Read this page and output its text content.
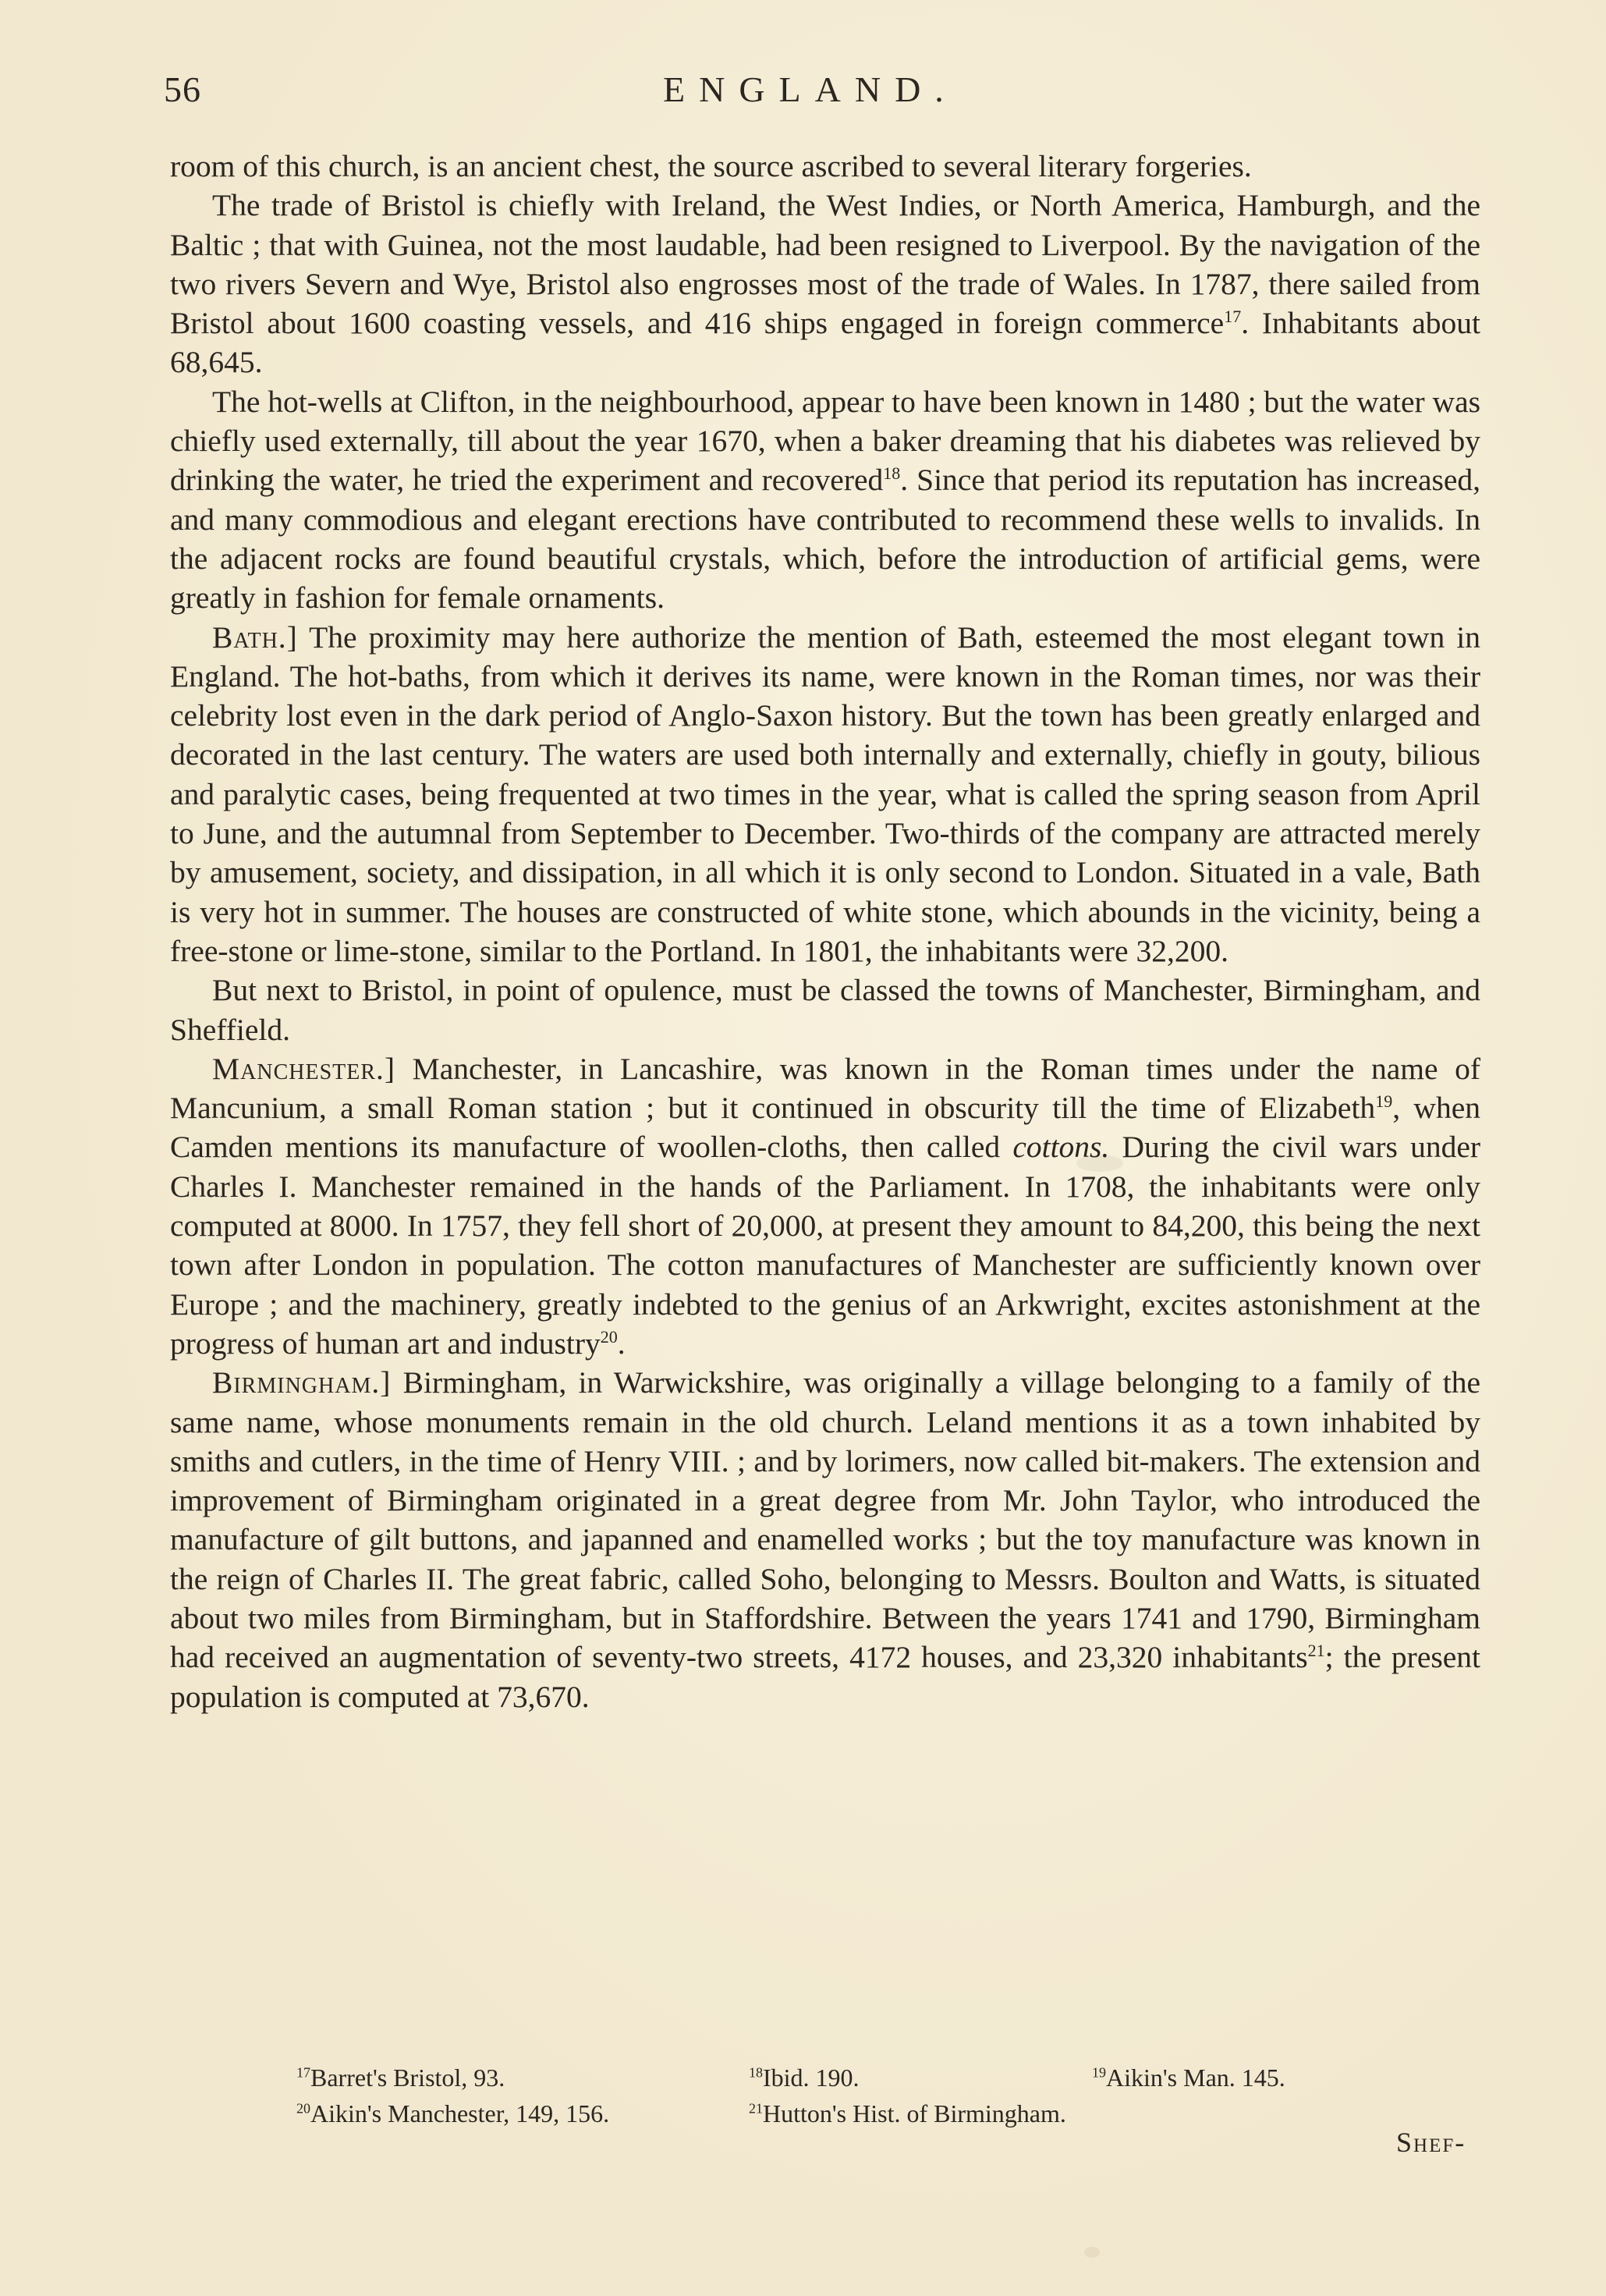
56	ENGLAND.

room of this church, is an ancient chest, the source ascribed to several literary forgeries.

The trade of Bristol is chiefly with Ireland, the West Indies, or North America, Hamburgh, and the Baltic ; that with Guinea, not the most laudable, had been resigned to Liverpool. By the navigation of the two rivers Severn and Wye, Bristol also engrosses most of the trade of Wales. In 1787, there sailed from Bristol about 1600 coasting vessels, and 416 ships engaged in foreign commerce$^{17}$. Inhabitants about 68,645.

The hot-wells at Clifton, in the neighbourhood, appear to have been known in 1480 ; but the water was chiefly used externally, till about the year 1670, when a baker dreaming that his diabetes was relieved by drinking the water, he tried the experiment and recovered$^{18}$. Since that period its reputation has increased, and many commodious and elegant erections have contributed to recommend these wells to invalids. In the adjacent rocks are found beautiful crystals, which, before the introduction of artificial gems, were greatly in fashion for female ornaments.

Bath.] The proximity may here authorize the mention of Bath, esteemed the most elegant town in England. The hot-baths, from which it derives its name, were known in the Roman times, nor was their celebrity lost even in the dark period of Anglo-Saxon history. But the town has been greatly enlarged and decorated in the last century. The waters are used both internally and externally, chiefly in gouty, bilious and paralytic cases, being frequented at two times in the year, what is called the spring season from April to June, and the autumnal from September to December. Two-thirds of the company are attracted merely by amusement, society, and dissipation, in all which it is only second to London. Situated in a vale, Bath is very hot in summer. The houses are constructed of white stone, which abounds in the vicinity, being a free-stone or lime-stone, similar to the Portland. In 1801, the inhabitants were 32,200.

But next to Bristol, in point of opulence, must be classed the towns of Manchester, Birmingham, and Sheffield.

Manchester.] Manchester, in Lancashire, was known in the Roman times under the name of Mancunium, a small Roman station ; but it continued in obscurity till the time of Elizabeth$^{19}$, when Camden mentions its manufacture of woollen-cloths, then called cottons. During the civil wars under Charles I. Manchester remained in the hands of the Parliament. In 1708, the inhabitants were only computed at 8000. In 1757, they fell short of 20,000, at present they amount to 84,200, this being the next town after London in population. The cotton manufactures of Manchester are sufficiently known over Europe ; and the machinery, greatly indebted to the genius of an Arkwright, excites astonishment at the progress of human art and industry$^{20}$.

Birmingham.] Birmingham, in Warwickshire, was originally a village belonging to a family of the same name, whose monuments remain in the old church. Leland mentions it as a town inhabited by smiths and cutlers, in the time of Henry VIII. ; and by lorimers, now called bit-makers. The extension and improvement of Birmingham originated in a great degree from Mr. John Taylor, who introduced the manufacture of gilt buttons, and japanned and enamelled works ; but the toy manufacture was known in the reign of Charles II. The great fabric, called Soho, belonging to Messrs. Boulton and Watts, is situated about two miles from Birmingham, but in Staffordshire. Between the years 1741 and 1790, Birmingham had received an augmentation of seventy-two streets, 4172 houses, and 23,320 inhabitants$^{21}$; the present population is computed at 73,670.

$^{17}$Barret's Bristol, 93.	$^{18}$Ibid. 190.	$^{19}$Aikin's Man. 145.
$^{20}$Aikin's Manchester, 149, 156.	$^{21}$Hutton's Hist. of Birmingham.
Shef-
